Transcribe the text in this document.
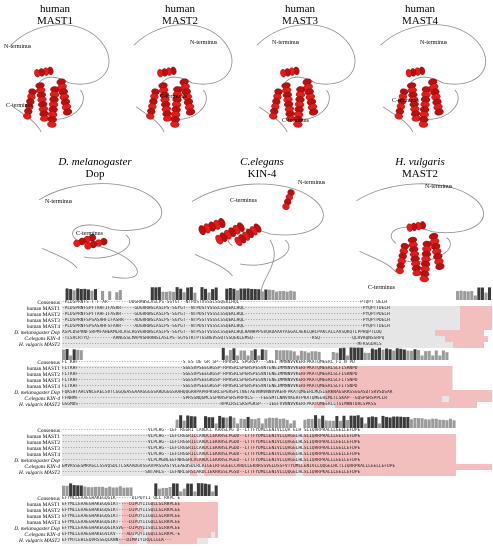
human
MAST1
N-terminus
C-terminus
human
MAST2
N-terminus
C-terminus
human
MAST3
N-terminus
C-terminus
human
MAST4
N-terminus
C-terminus
D. melanogaster
Dop
N-terminus
C-terminus
C.elegans
KIN-4
N-terminus
C-terminus
H. vulgaris
MAST2
N-terminus
C-terminus
Consensus -PLDSPRNFS-F-F-AR--------DDGRRWSLASLPS-SGYGT--NTPDSTVSSSCSSQEKLHQL---------------------------------------------PTQPT DELH
human MAST1 -PLDSPRNFSPFTAHFIFASRR-----GDGRRWSLASLPS-SGYGT--NTPDSTVSSSCSSQEKLHQL--------------------------------------------PYQPTTDELH
human MAST2 -PLDSPRNFSPFTAHFIFASRR-----GDGRRWSLASLPS-SGYGT--NTPDSTVSSSCSSQEKLHQL--------------------------------------------PYQPTPDELH
human MAST3 -PLDSPRNFSPSASAHFIFASRR----ADGRRWSLASLPS-SGYGT--NTPSSTVSSSCSSQEKLHQL--------------------------------------------PYQPTPDELH
human MAST4 -PLDSPRNFSPSASAHFSFARR-----ADGRRWSLASLPS-SGYGT--NTPDSTVSSSCSSQEKLHQL--------------------------------------------PYQPTTDELH
D. melanogaster Dop ASPLDSPRNFSRPMFAHEKMLRLASCRGVGRRWSLASLPS-SGYGT--NTPSSTVSSSCSSQEKLHQLHANHPPGVQADAAAYAGGACAEKLQHCPAKCALLAVSQKQTLPPHQPTLDQ
C.elegans KIN-4 -TLSVCRTYQ---------ARNGSSLMAPVGRRRWSLASLPS-SGYGTKTPTGSNGVSSQTSSQEKLEMSQ----------------------RSQ------------QLRVRQNSSRPQ
H. vulgaris MAST2 --------------------------------------------------------------------------------------------------------------MFRSGDALS
Consensus FL KHF---------------------------------------S ES DE GR SP--RPRSRL SPGRSP---SNEI MMNNVVKERFPKATQMEERL FI N PD
human MAST1 FLTKHF---------------------------------------SGESVPSEEGRGSP-RPRSRLSPGRSPESVNTENEIMMNNVVKERFPKATQMEERLSLFISRNPD
human MAST2 FLTKHF---------------------------------------SGESVPSEEGRGSP-RPRSRLSPGRSPESVNTENEIMMNNVVKERFPKATQMEERLSLFISRNPD
human MAST3 FLTKHF---------------------------------------SGESVPSEEGRGSP-RPRSRLSPGRSPESVNTENEIMMNNVVKERFPKATQMEERLSLFITSNPD
human MAST4 FLTKHF---------------------------------------SGESVPSEEGRGSP-RPRSRLSPGRSPESVNTENEIMMNNVVKERFPKATQMEERLSLFITSNPD
D. melanogaster Dop FQKSHTAACVNCEAELSVTCGGQGASGAAAGGGSSARDGGGSAAHQQGRRPAPRPRSRLSPGRSPLTNGTAEVNMVNNVVKERFPKATQMEERLMQSIERKNAGSRRSSGGASDTSRVSDSAR
C.elegans KIN-4 FFNHMF---------------------------------------SPRSSNQGMCSSPRRSPSRSPRPVLS---FEESMTLNNVVKERFPKATQMEERLMLTLSKAP--GQSPSRSPPLLR
H. vulgaris MAST2 GSGMDS-----------------------------------------------------RPRLRSCSRSPGRSP---IEEFVVNNVVKERFPKATQMEERLLTSIMNNTDRLSPKSS
Consensus --------------------------------VLPLHG--LEF RGGRI CARDCL KRRSLPG D--LTTFYDMLLENIVLLQA ELH SLIQRRPRALLLEELLEFDPE
human MAST1 --------------------------------VLPLHG--LEFCRGGRILCARDCLEKRRSLPGDD--LTTFYDMLLENIVLLQAGELHLSLIQRRPRALLLEELLEFDPE
human MAST2 --------------------------------VLPLHG--LEFCRGGRILCARDCLEKRRSLPGDD--LTTFYDMLLENIVLLQAGELHLSLIQRRPRALLLEELLEFDPE
human MAST3 --------------------------------VLPLHG--LEFCRGGRILCARDCLEKRRSLPGDD--LTTFYDMLLENIVLLQAGELHLSLIQRRPRALLLEELLEFDPE
human MAST4 --------------------------------VLPLHG--LEFCRGGRILCARDCLEKRRSLPGDD--LTTFYDMLLENIVLLQAGELHLSLIQRRPRALLLEELLEFDPE
D. melanogaster Dop --------------------------------VLPLMGNLEEFNRGGRLVCARDCLEKRRSLPGED--LTTFYDMLLENIVLLQAGELHLSLIQRRPRALLLEELLEFDPE
C.elegans KIN-4 EMVRSSESMRAGLLSSVQSDLTLSKAADGVSSAVPRSSASTVLEAEDSDLRLRIGELRFSGGELCARDCLEKRRSSVGLDSSFVTYDMLLENIVLLQQGELHLTLIQRRPKALLLEELLEFDPE
H. vulgaris MAST2 -------------------------------SNTAHLS--LEFNRLGRSCARDCIEKRRSSLPGSD--LTTFYDMLLENIVLLQQGELHLSLIQRRPKALLLEELLEFDPE
Consensus EFYMLLEAAEGHAKEGQGIK------DIPQYII QLL RRPL E
human MAST1 EFYMLLEAAEGHAKEGQGIKT----DIPQYIIGQLLGLRRPLEE
human MAST2 EFYMLLEAAEGHAKEGQGIKT----DIPQYIISQLLGLRRPLEE
human MAST3 EFYMLLEAAEGHAKEGQGIKT----DIPQYIIGQLLGLRRPLEE
human MAST4 EFYMLLEAAEGHAKEGQGIKT----DIPQYIIGQLLGLRRPLEE
D. melanogaster Dop EFYMLLEAAEGHAKEGQGIKSVE--DIPQYIISQLLGLRRPLEE
C.elegans KIN-4 EFYMLLEAAEGHAKEGVLKV----ADIPQYIIGQLLGLRRPL-E
H. vulgaris MAST2 EFYMTLEHLEQVRSSEQLKNN---DIMPIYIRQLLGLK---
